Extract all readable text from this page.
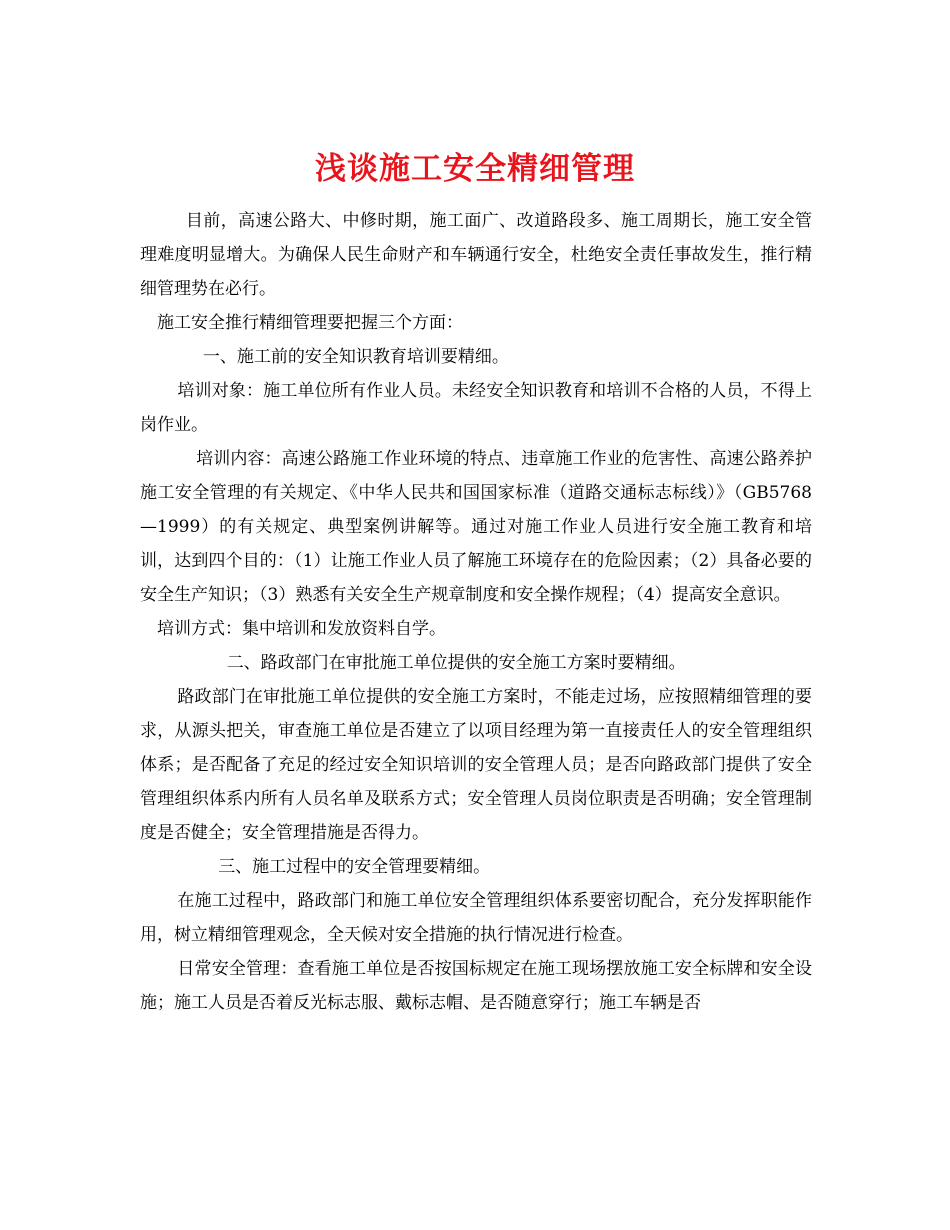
浅谈施工安全精细管理

目前，高速公路大、中修时期，施工面广、改道路段多、施工周期长，施工安全管理难度明显增大。为确保人民生命财产和车辆通行安全，杜绝安全责任事故发生，推行精细管理势在必行。

施工安全推行精细管理要把握三个方面：

一、施工前的安全知识教育培训要精细。

培训对象：施工单位所有作业人员。未经安全知识教育和培训不合格的人员，不得上岗作业。

培训内容：高速公路施工作业环境的特点、违章施工作业的危害性、高速公路养护施工安全管理的有关规定、《中华人民共和国国家标准（道路交通标志标线）》（GB5768—1999）的有关规定、典型案例讲解等。通过对施工作业人员进行安全施工教育和培训，达到四个目的：（1）让施工作业人员了解施工环境存在的危险因素；（2）具备必要的安全生产知识；（3）熟悉有关安全生产规章制度和安全操作规程；（4）提高安全意识。

培训方式：集中培训和发放资料自学。

二、路政部门在审批施工单位提供的安全施工方案时要精细。

路政部门在审批施工单位提供的安全施工方案时，不能走过场，应按照精细管理的要求，从源头把关，审查施工单位是否建立了以项目经理为第一直接责任人的安全管理组织体系；是否配备了充足的经过安全知识培训的安全管理人员；是否向路政部门提供了安全管理组织体系内所有人员名单及联系方式；安全管理人员岗位职责是否明确；安全管理制度是否健全；安全管理措施是否得力。

三、施工过程中的安全管理要精细。

在施工过程中，路政部门和施工单位安全管理组织体系要密切配合，充分发挥职能作用，树立精细管理观念，全天候对安全措施的执行情况进行检查。

日常安全管理：查看施工单位是否按国标规定在施工现场摆放施工安全标牌和安全设施；施工人员是否着反光标志服、戴标志帽、是否随意穿行；施工车辆是否
